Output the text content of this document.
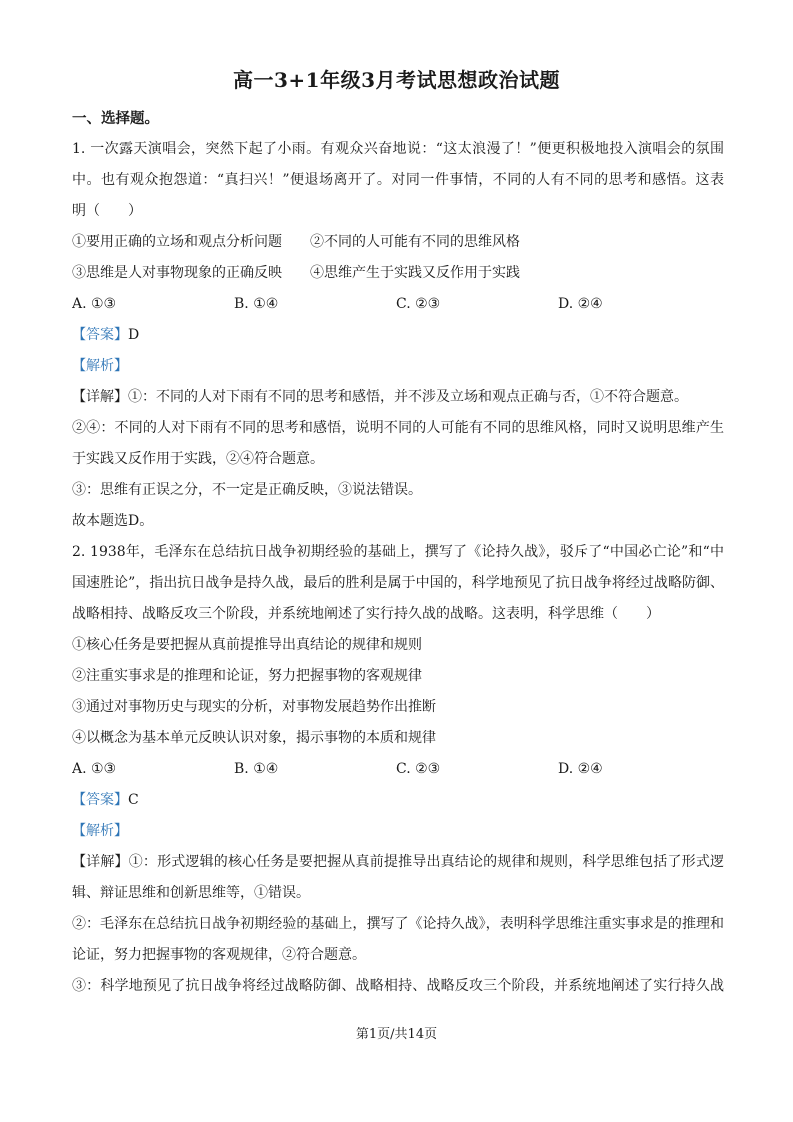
高一3+1年级3月考试思想政治试题
一、选择题。
1. 一次露天演唱会，突然下起了小雨。有观众兴奋地说：“这太浪漫了！”便更积极地投入演唱会的氛围
中。也有观众抱怨道：“真扫兴！”便退场离开了。对同一件事情，不同的人有不同的思考和感悟。这表
明（　　）
①要用正确的立场和观点分析问题　　②不同的人可能有不同的思维风格
③思维是人对事物现象的正确反映　　④思维产生于实践又反作用于实践
A. ①③	B. ①④	C. ②③	D. ②④
【答案】D
【解析】
【详解】①：不同的人对下雨有不同的思考和感悟，并不涉及立场和观点正确与否，①不符合题意。
②④：不同的人对下雨有不同的思考和感悟，说明不同的人可能有不同的思维风格，同时又说明思维产生
于实践又反作用于实践，②④符合题意。
③：思维有正误之分，不一定是正确反映，③说法错误。
故本题选D。
2. 1938年，毛泽东在总结抗日战争初期经验的基础上，撰写了《论持久战》，驳斥了“中国必亡论”和“中
国速胜论”，指出抗日战争是持久战，最后的胜利是属于中国的，科学地预见了抗日战争将经过战略防御、
战略相持、战略反攻三个阶段，并系统地阐述了实行持久战的战略。这表明，科学思维（　　）
①核心任务是要把握从真前提推导出真结论的规律和规则
②注重实事求是的推理和论证，努力把握事物的客观规律
③通过对事物历史与现实的分析，对事物发展趋势作出推断
④以概念为基本单元反映认识对象，揭示事物的本质和规律
A. ①③	B. ①④	C. ②③	D. ②④
【答案】C
【解析】
【详解】①：形式逻辑的核心任务是要把握从真前提推导出真结论的规律和规则，科学思维包括了形式逻
辑、辩证思维和创新思维等，①错误。
②：毛泽东在总结抗日战争初期经验的基础上，撰写了《论持久战》，表明科学思维注重实事求是的推理和
论证，努力把握事物的客观规律，②符合题意。
③：科学地预见了抗日战争将经过战略防御、战略相持、战略反攻三个阶段，并系统地阐述了实行持久战
第1页/共14页
